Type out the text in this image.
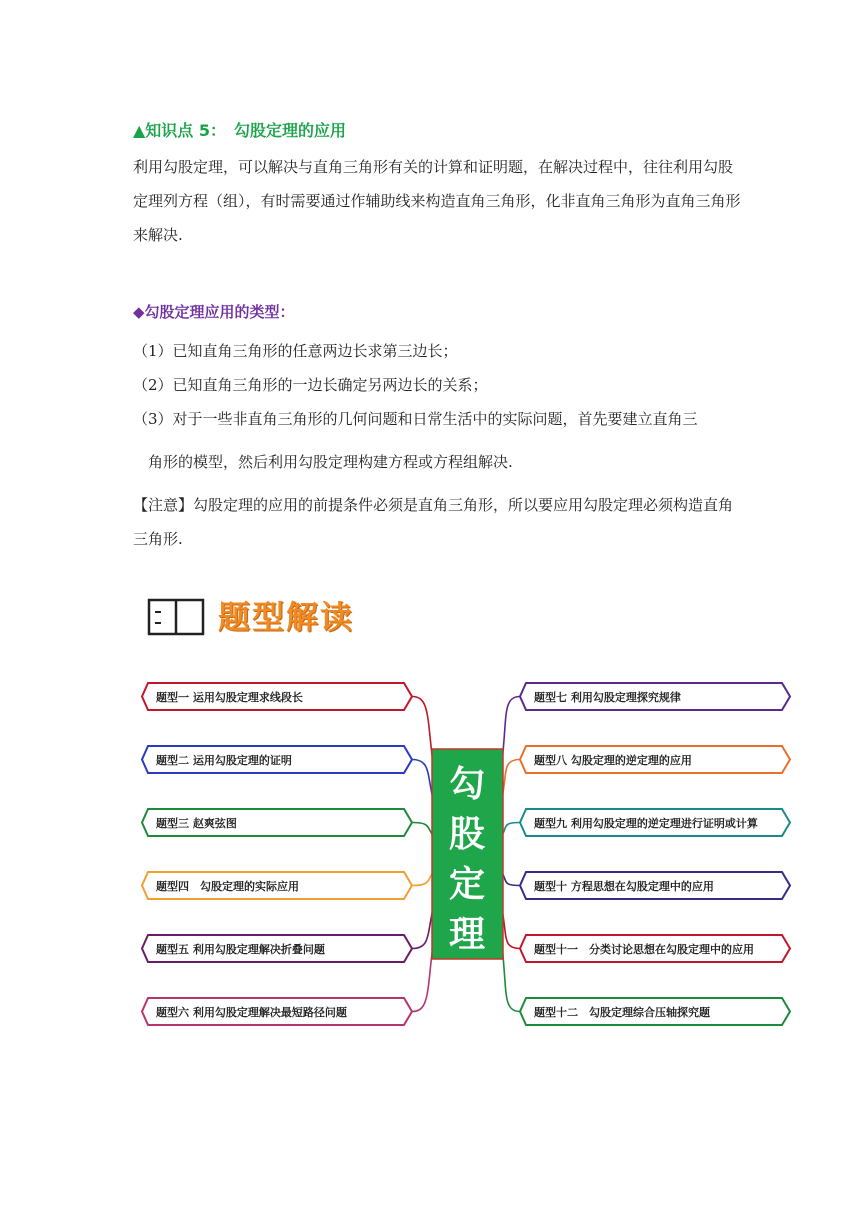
▲知识点 5：　勾股定理的应用

利用勾股定理，可以解决与直角三角形有关的计算和证明题，在解决过程中，往往利用勾股定理列方程（组），有时需要通过作辅助线来构造直角三角形，化非直角三角形为直角三角形来解决.

◆勾股定理应用的类型：
（1）已知直角三角形的任意两边长求第三边长；
（2）已知直角三角形的一边长确定另两边长的关系；
（3）对于一些非直角三角形的几何问题和日常生活中的实际问题，首先要建立直角三
角形的模型，然后利用勾股定理构建方程或方程组解决.

【注意】勾股定理的应用的前提条件必须是直角三角形，所以要应用勾股定理必须构造直角三角形.

题型解读
题型一 运用勾股定理求线段长
题型二 运用勾股定理的证明
题型三 赵爽弦图
题型四　勾股定理的实际应用
题型五 利用勾股定理解决折叠问题
题型六 利用勾股定理解决最短路径问题
题型七 利用勾股定理探究规律
题型八 勾股定理的逆定理的应用
题型九 利用勾股定理的逆定理进行证明或计算
题型十 方程思想在勾股定理中的应用
题型十一　分类讨论思想在勾股定理中的应用
题型十二　勾股定理综合压轴探究题
勾
股
定
理
